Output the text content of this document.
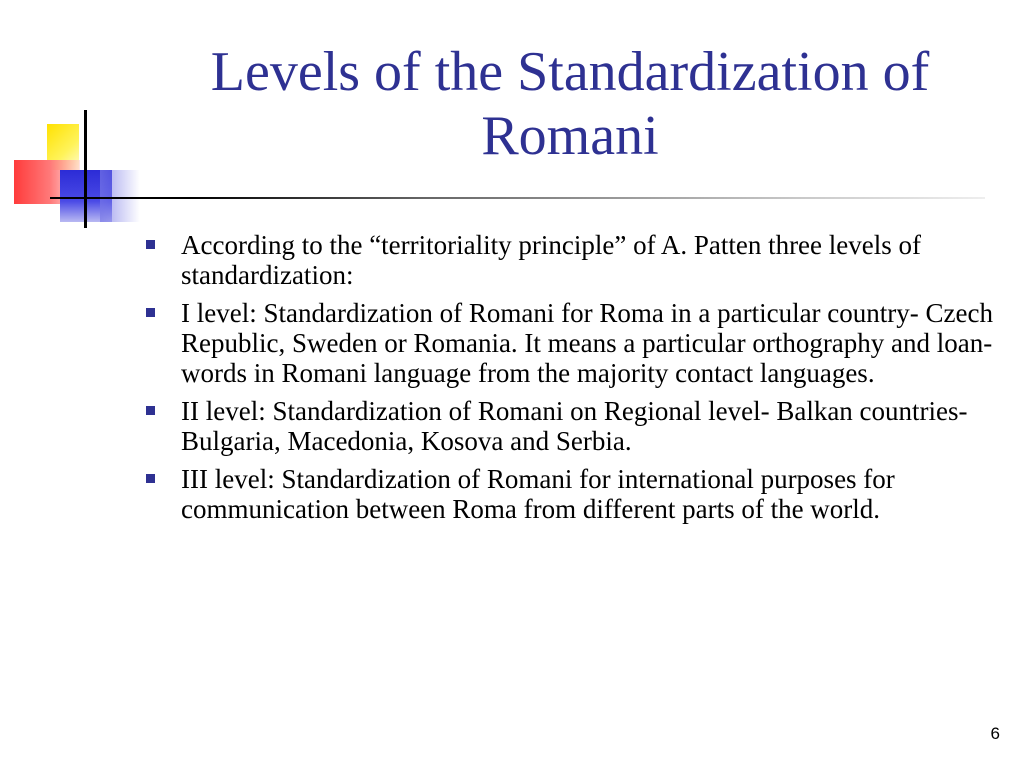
Levels of the Standardization of
Romani
According to the “territoriality principle” of A. Patten three levels of standardization:
I level: Standardization of Romani for Roma in a particular country- Czech Republic, Sweden or Romania. It means a particular orthography and loan-words in Romani language from the majority contact languages.
II level: Standardization of Romani on Regional level- Balkan countries- Bulgaria, Macedonia, Kosova and Serbia.
III level: Standardization of Romani for international purposes for communication between Roma from different parts of the world.
6
